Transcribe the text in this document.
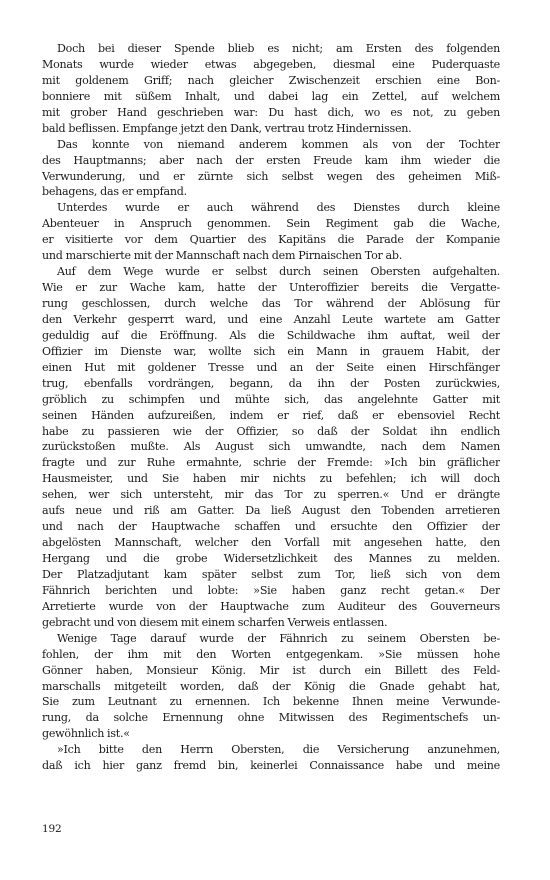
Doch bei dieser Spende blieb es nicht; am Ersten des folgenden
Monats wurde wieder etwas abgegeben, diesmal eine Puderquaste
mit goldenem Griff; nach gleicher Zwischenzeit erschien eine Bon-
bonniere mit süßem Inhalt, und dabei lag ein Zettel, auf welchem
mit grober Hand geschrieben war: Du hast dich, wo es not, zu geben
bald beflissen. Empfange jetzt den Dank, vertrau trotz Hindernissen.
Das konnte von niemand anderem kommen als von der Tochter
des Hauptmanns; aber nach der ersten Freude kam ihm wieder die
Verwunderung, und er zürnte sich selbst wegen des geheimen Miß-
behagens, das er empfand.
Unterdes wurde er auch während des Dienstes durch kleine
Abenteuer in Anspruch genommen. Sein Regiment gab die Wache,
er visitierte vor dem Quartier des Kapitäns die Parade der Kompanie
und marschierte mit der Mannschaft nach dem Pirnaischen Tor ab.
Auf dem Wege wurde er selbst durch seinen Obersten aufgehalten.
Wie er zur Wache kam, hatte der Unteroffizier bereits die Vergatte-
rung geschlossen, durch welche das Tor während der Ablösung für
den Verkehr gesperrt ward, und eine Anzahl Leute wartete am Gatter
geduldig auf die Eröffnung. Als die Schildwache ihm auftat, weil der
Offizier im Dienste war, wollte sich ein Mann in grauem Habit, der
einen Hut mit goldener Tresse und an der Seite einen Hirschfänger
trug, ebenfalls vordrängen, begann, da ihn der Posten zurückwies,
gröblich zu schimpfen und mühte sich, das angelehnte Gatter mit
seinen Händen aufzureißen, indem er rief, daß er ebensoviel Recht
habe zu passieren wie der Offizier, so daß der Soldat ihn endlich
zurückstoßen mußte. Als August sich umwandte, nach dem Namen
fragte und zur Ruhe ermahnte, schrie der Fremde: »Ich bin gräflicher
Hausmeister, und Sie haben mir nichts zu befehlen; ich will doch
sehen, wer sich untersteht, mir das Tor zu sperren.« Und er drängte
aufs neue und riß am Gatter. Da ließ August den Tobenden arretieren
und nach der Hauptwache schaffen und ersuchte den Offizier der
abgelösten Mannschaft, welcher den Vorfall mit angesehen hatte, den
Hergang und die grobe Widersetzlichkeit des Mannes zu melden.
Der Platzadjutant kam später selbst zum Tor, ließ sich von dem
Fähnrich berichten und lobte: »Sie haben ganz recht getan.« Der
Arretierte wurde von der Hauptwache zum Auditeur des Gouverneurs
gebracht und von diesem mit einem scharfen Verweis entlassen.
Wenige Tage darauf wurde der Fähnrich zu seinem Obersten be-
fohlen, der ihm mit den Worten entgegenkam. »Sie müssen hohe
Gönner haben, Monsieur König. Mir ist durch ein Billett des Feld-
marschalls mitgeteilt worden, daß der König die Gnade gehabt hat,
Sie zum Leutnant zu ernennen. Ich bekenne Ihnen meine Verwunde-
rung, da solche Ernennung ohne Mitwissen des Regimentschefs un-
gewöhnlich ist.«
»Ich bitte den Herrn Obersten, die Versicherung anzunehmen,
daß ich hier ganz fremd bin, keinerlei Connaissance habe und meine
192
